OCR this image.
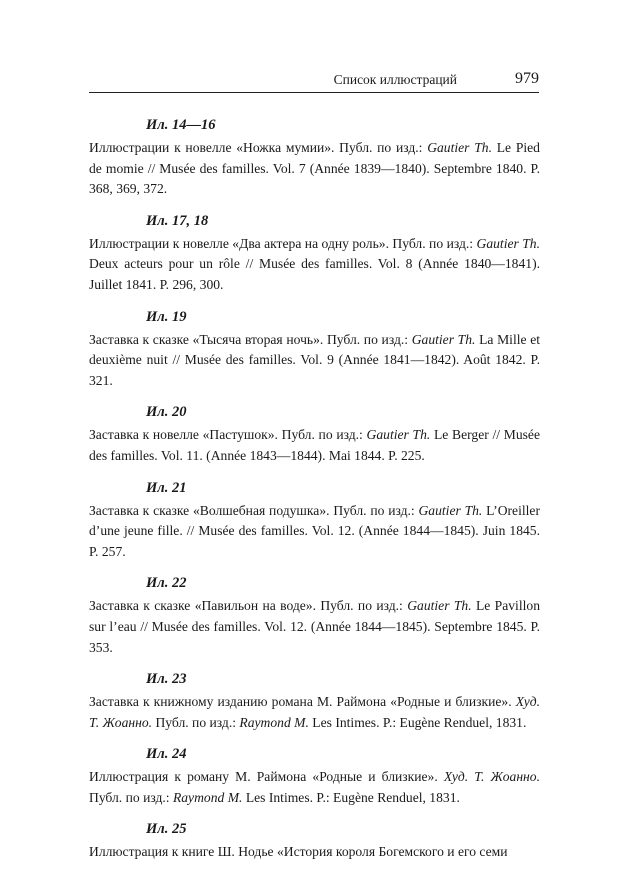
Список иллюстраций	979
Ил. 14—16
Иллюстрации к новелле «Ножка мумии». Публ. по изд.: Gautier Th. Le Pied de momie // Musée des familles. Vol. 7 (Année 1839—1840). Septembre 1840. P. 368, 369, 372.
Ил. 17, 18
Иллюстрации к новелле «Два актера на одну роль». Публ. по изд.: Gautier Th. Deux acteurs pour un rôle // Musée des familles. Vol. 8 (Année 1840—1841). Juillet 1841. P. 296, 300.
Ил. 19
Заставка к сказке «Тысяча вторая ночь». Публ. по изд.: Gautier Th. La Mille et deuxième nuit // Musée des familles. Vol. 9 (Année 1841—1842). Août 1842. P. 321.
Ил. 20
Заставка к новелле «Пастушок». Публ. по изд.: Gautier Th. Le Berger // Musée des familles. Vol. 11. (Année 1843—1844). Mai 1844. P. 225.
Ил. 21
Заставка к сказке «Волшебная подушка». Публ. по изд.: Gautier Th. L’Oreiller d’une jeune fille. // Musée des familles. Vol. 12. (Année 1844—1845). Juin 1845. P. 257.
Ил. 22
Заставка к сказке «Павильон на воде». Публ. по изд.: Gautier Th. Le Pavillon sur l’eau // Musée des familles. Vol. 12. (Année 1844—1845). Septembre 1845. P. 353.
Ил. 23
Заставка к книжному изданию романа М. Раймона «Родные и близкие». Худ. Т. Жоанно. Публ. по изд.: Raymond M. Les Intimes. P.: Eugène Renduel, 1831.
Ил. 24
Иллюстрация к роману М. Раймона «Родные и близкие». Худ. Т. Жоанно. Публ. по изд.: Raymond M. Les Intimes. P.: Eugène Renduel, 1831.
Ил. 25
Иллюстрация к книге Ш. Нодье «История короля Богемского и его семи
